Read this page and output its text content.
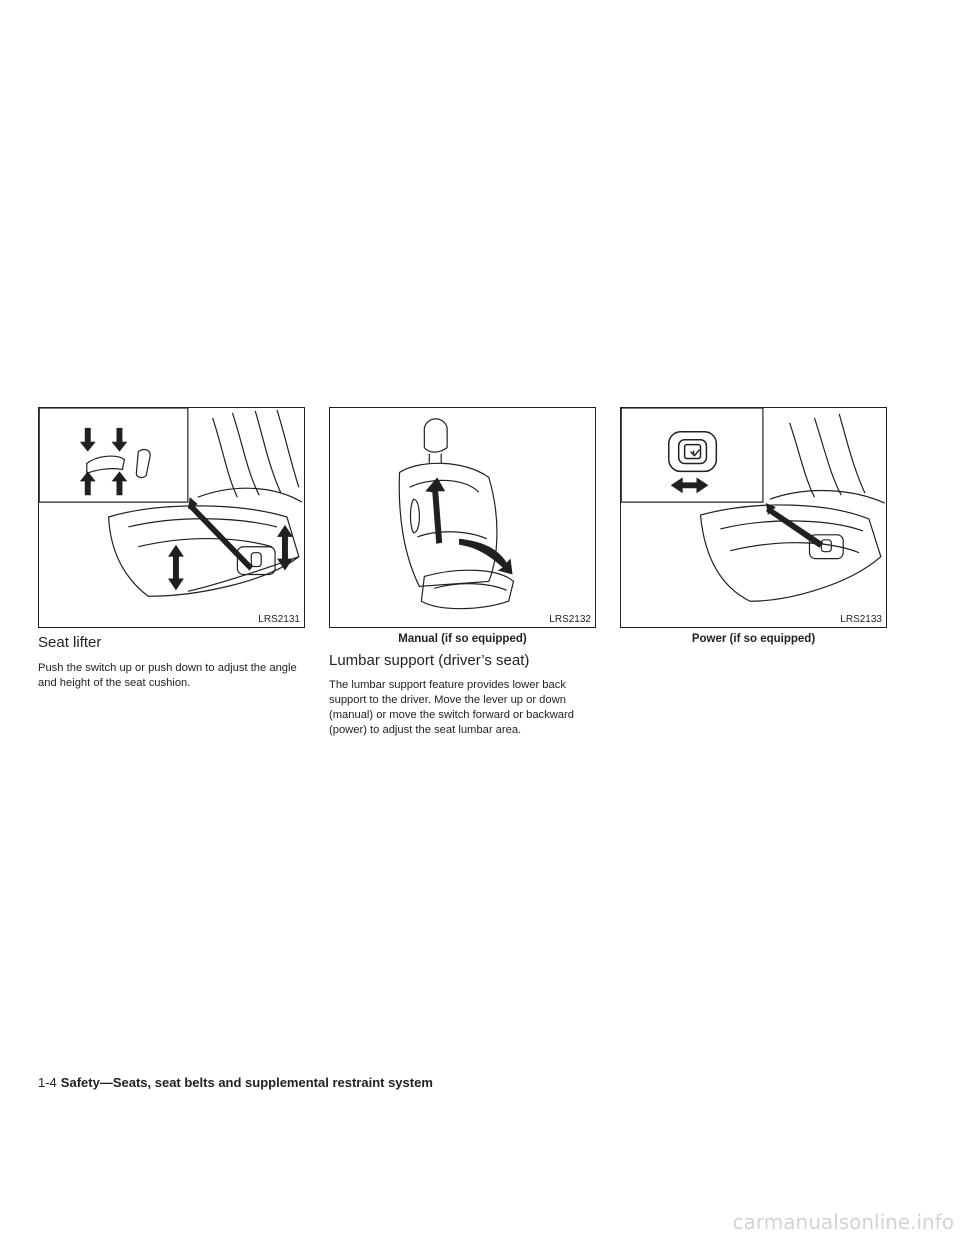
LRS2131	LRS2132	LRS2133
Manual (if so equipped)	Power (if so equipped)
Seat lifter

Push the switch up or push down to adjust the angle and height of the seat cushion.

Lumbar support (driver’s seat)

The lumbar support feature provides lower back support to the driver. Move the lever up or down (manual) or move the switch forward or backward (power) to adjust the seat lumbar area.

1-4 Safety—Seats, seat belts and supplemental restraint system
carmanualsonline.info
